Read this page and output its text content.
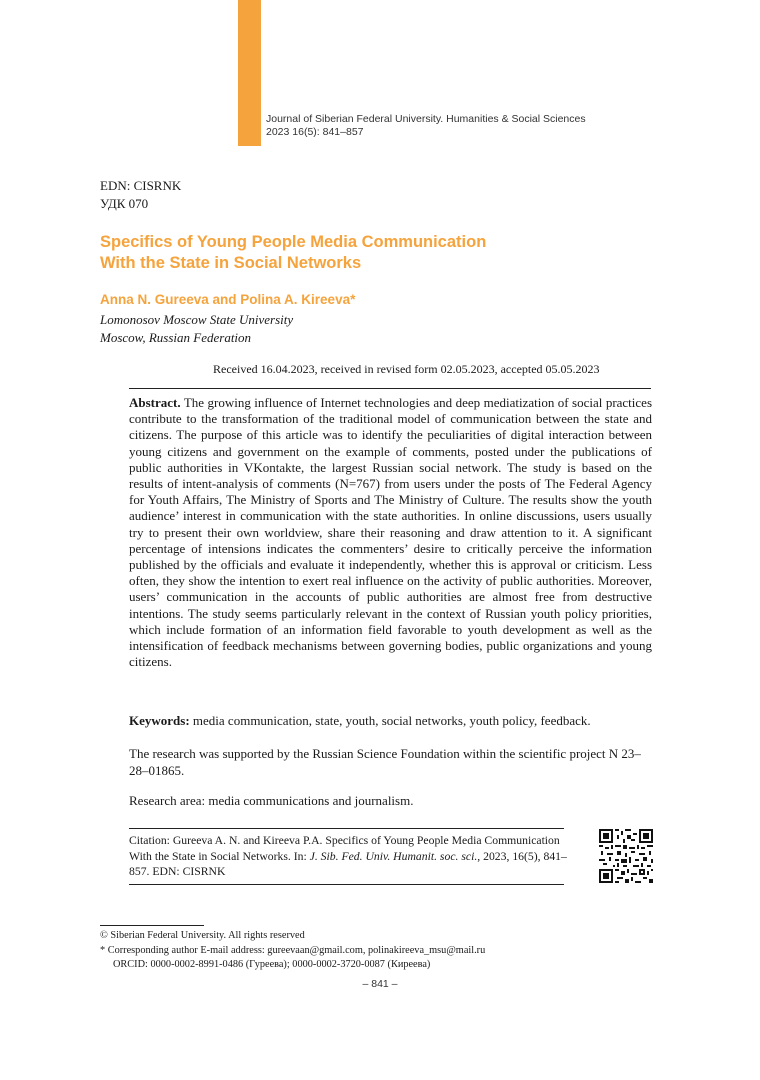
Journal of Siberian Federal University. Humanities & Social Sciences
2023 16(5): 841–857
EDN: CISRNK
УДК 070
Specifics of Young People Media Communication
With the State in Social Networks
Anna N. Gureeva and Polina A. Kireeva*
Lomonosov Moscow State University
Moscow, Russian Federation
Received 16.04.2023, received in revised form 02.05.2023, accepted 05.05.2023
Abstract. The growing influence of Internet technologies and deep mediatization of social practices contribute to the transformation of the traditional model of communication between the state and citizens. The purpose of this article was to identify the peculiarities of digital interaction between young citizens and government on the example of comments, posted under the publications of public authorities in VKontakte, the largest Russian social network. The study is based on the results of intent-analysis of comments (N=767) from users under the posts of The Federal Agency for Youth Affairs, The Ministry of Sports and The Ministry of Culture. The results show the youth audience’ interest in communication with the state authorities. In online discussions, users usually try to present their own worldview, share their reasoning and draw attention to it. A significant percentage of intensions indicates the commenters’ desire to critically perceive the information published by the officials and evaluate it independently, whether this is approval or criticism. Less often, they show the intention to exert real influence on the activity of public authorities. Moreover, users’ communication in the accounts of public authorities are almost free from destructive intentions. The study seems particularly relevant in the context of Russian youth policy priorities, which include formation of an information field favorable to youth development as well as the intensification of feedback mechanisms between governing bodies, public organizations and young citizens.
Keywords: media communication, state, youth, social networks, youth policy, feedback.
The research was supported by the Russian Science Foundation within the scientific project N 23–28–01865.
Research area: media communications and journalism.
Citation: Gureeva A. N. and Kireeva P.A. Specifics of Young People Media Communication With the State in Social Networks. In: J. Sib. Fed. Univ. Humanit. soc. sci., 2023, 16(5), 841–857. EDN: CISRNK
© Siberian Federal University. All rights reserved
* Corresponding author E-mail address: gureevaan@gmail.com, polinakireeva_msu@mail.ru
ORCID: 0000-0002-8991-0486 (Гуреева); 0000-0002-3720-0087 (Киреева)
– 841 –
